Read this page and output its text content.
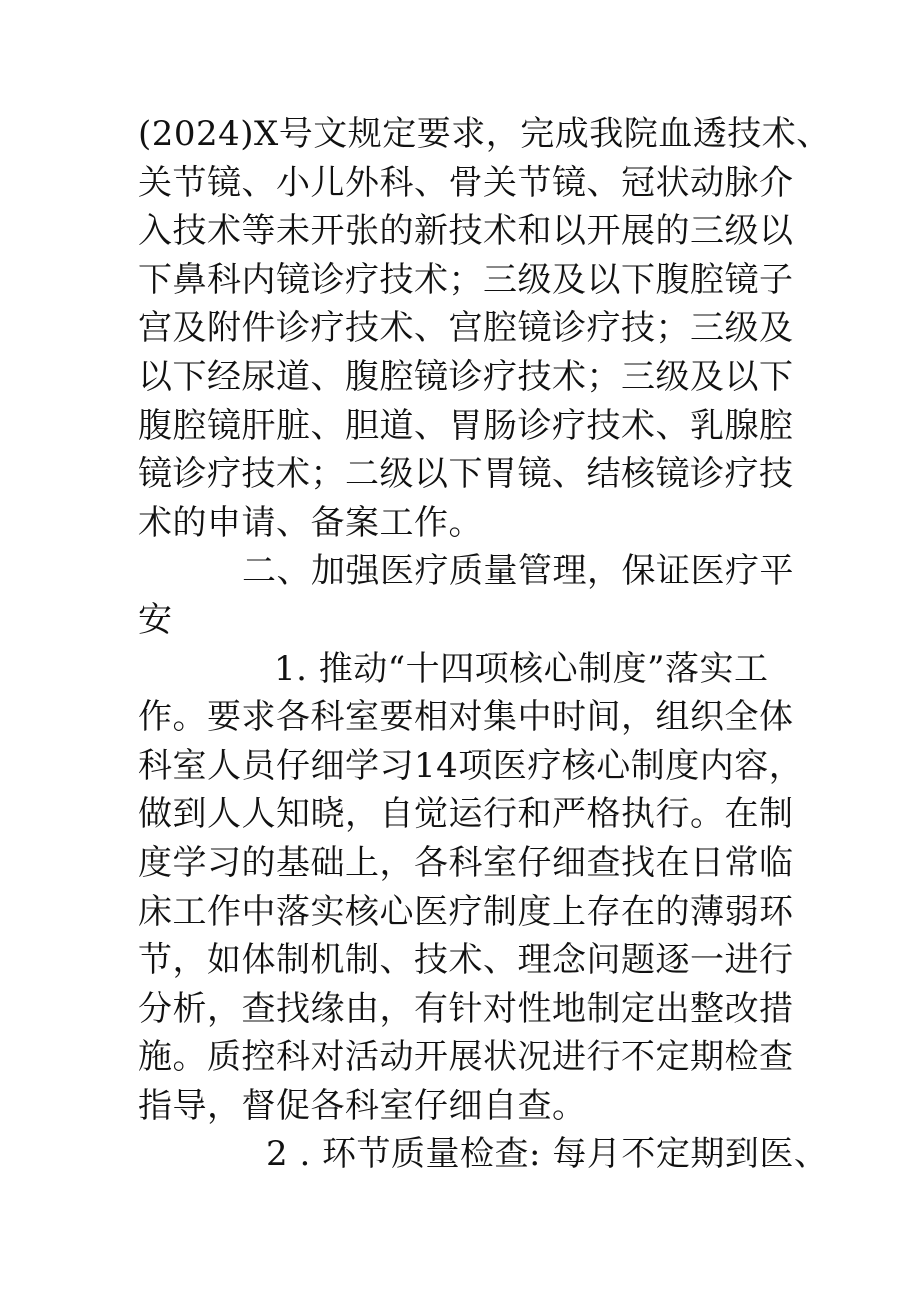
(2024)X号文规定要求，完成我院血透技术、
关节镜、小儿外科、骨关节镜、冠状动脉介
入技术等未开张的新技术和以开展的三级以
下鼻科内镜诊疗技术；三级及以下腹腔镜子
宫及附件诊疗技术、宫腔镜诊疗技；三级及
以下经尿道、腹腔镜诊疗技术；三级及以下
腹腔镜肝脏、胆道、胃肠诊疗技术、乳腺腔
镜诊疗技术；二级以下胃镜、结核镜诊疗技
术的申请、备案工作。
二、加强医疗质量管理，保证医疗平
安
1. 推动“十四项核心制度”落实工
作。要求各科室要相对集中时间，组织全体
科室人员仔细学习14项医疗核心制度内容，
做到人人知晓，自觉运行和严格执行。在制
度学习的基础上，各科室仔细查找在日常临
床工作中落实核心医疗制度上存在的薄弱环
节，如体制机制、技术、理念问题逐一进行
分析，查找缘由，有针对性地制定出整改措
施。质控科对活动开展状况进行不定期检查
指导，督促各科室仔细自查。
2 . 环节质量检查: 每月不定期到医、
